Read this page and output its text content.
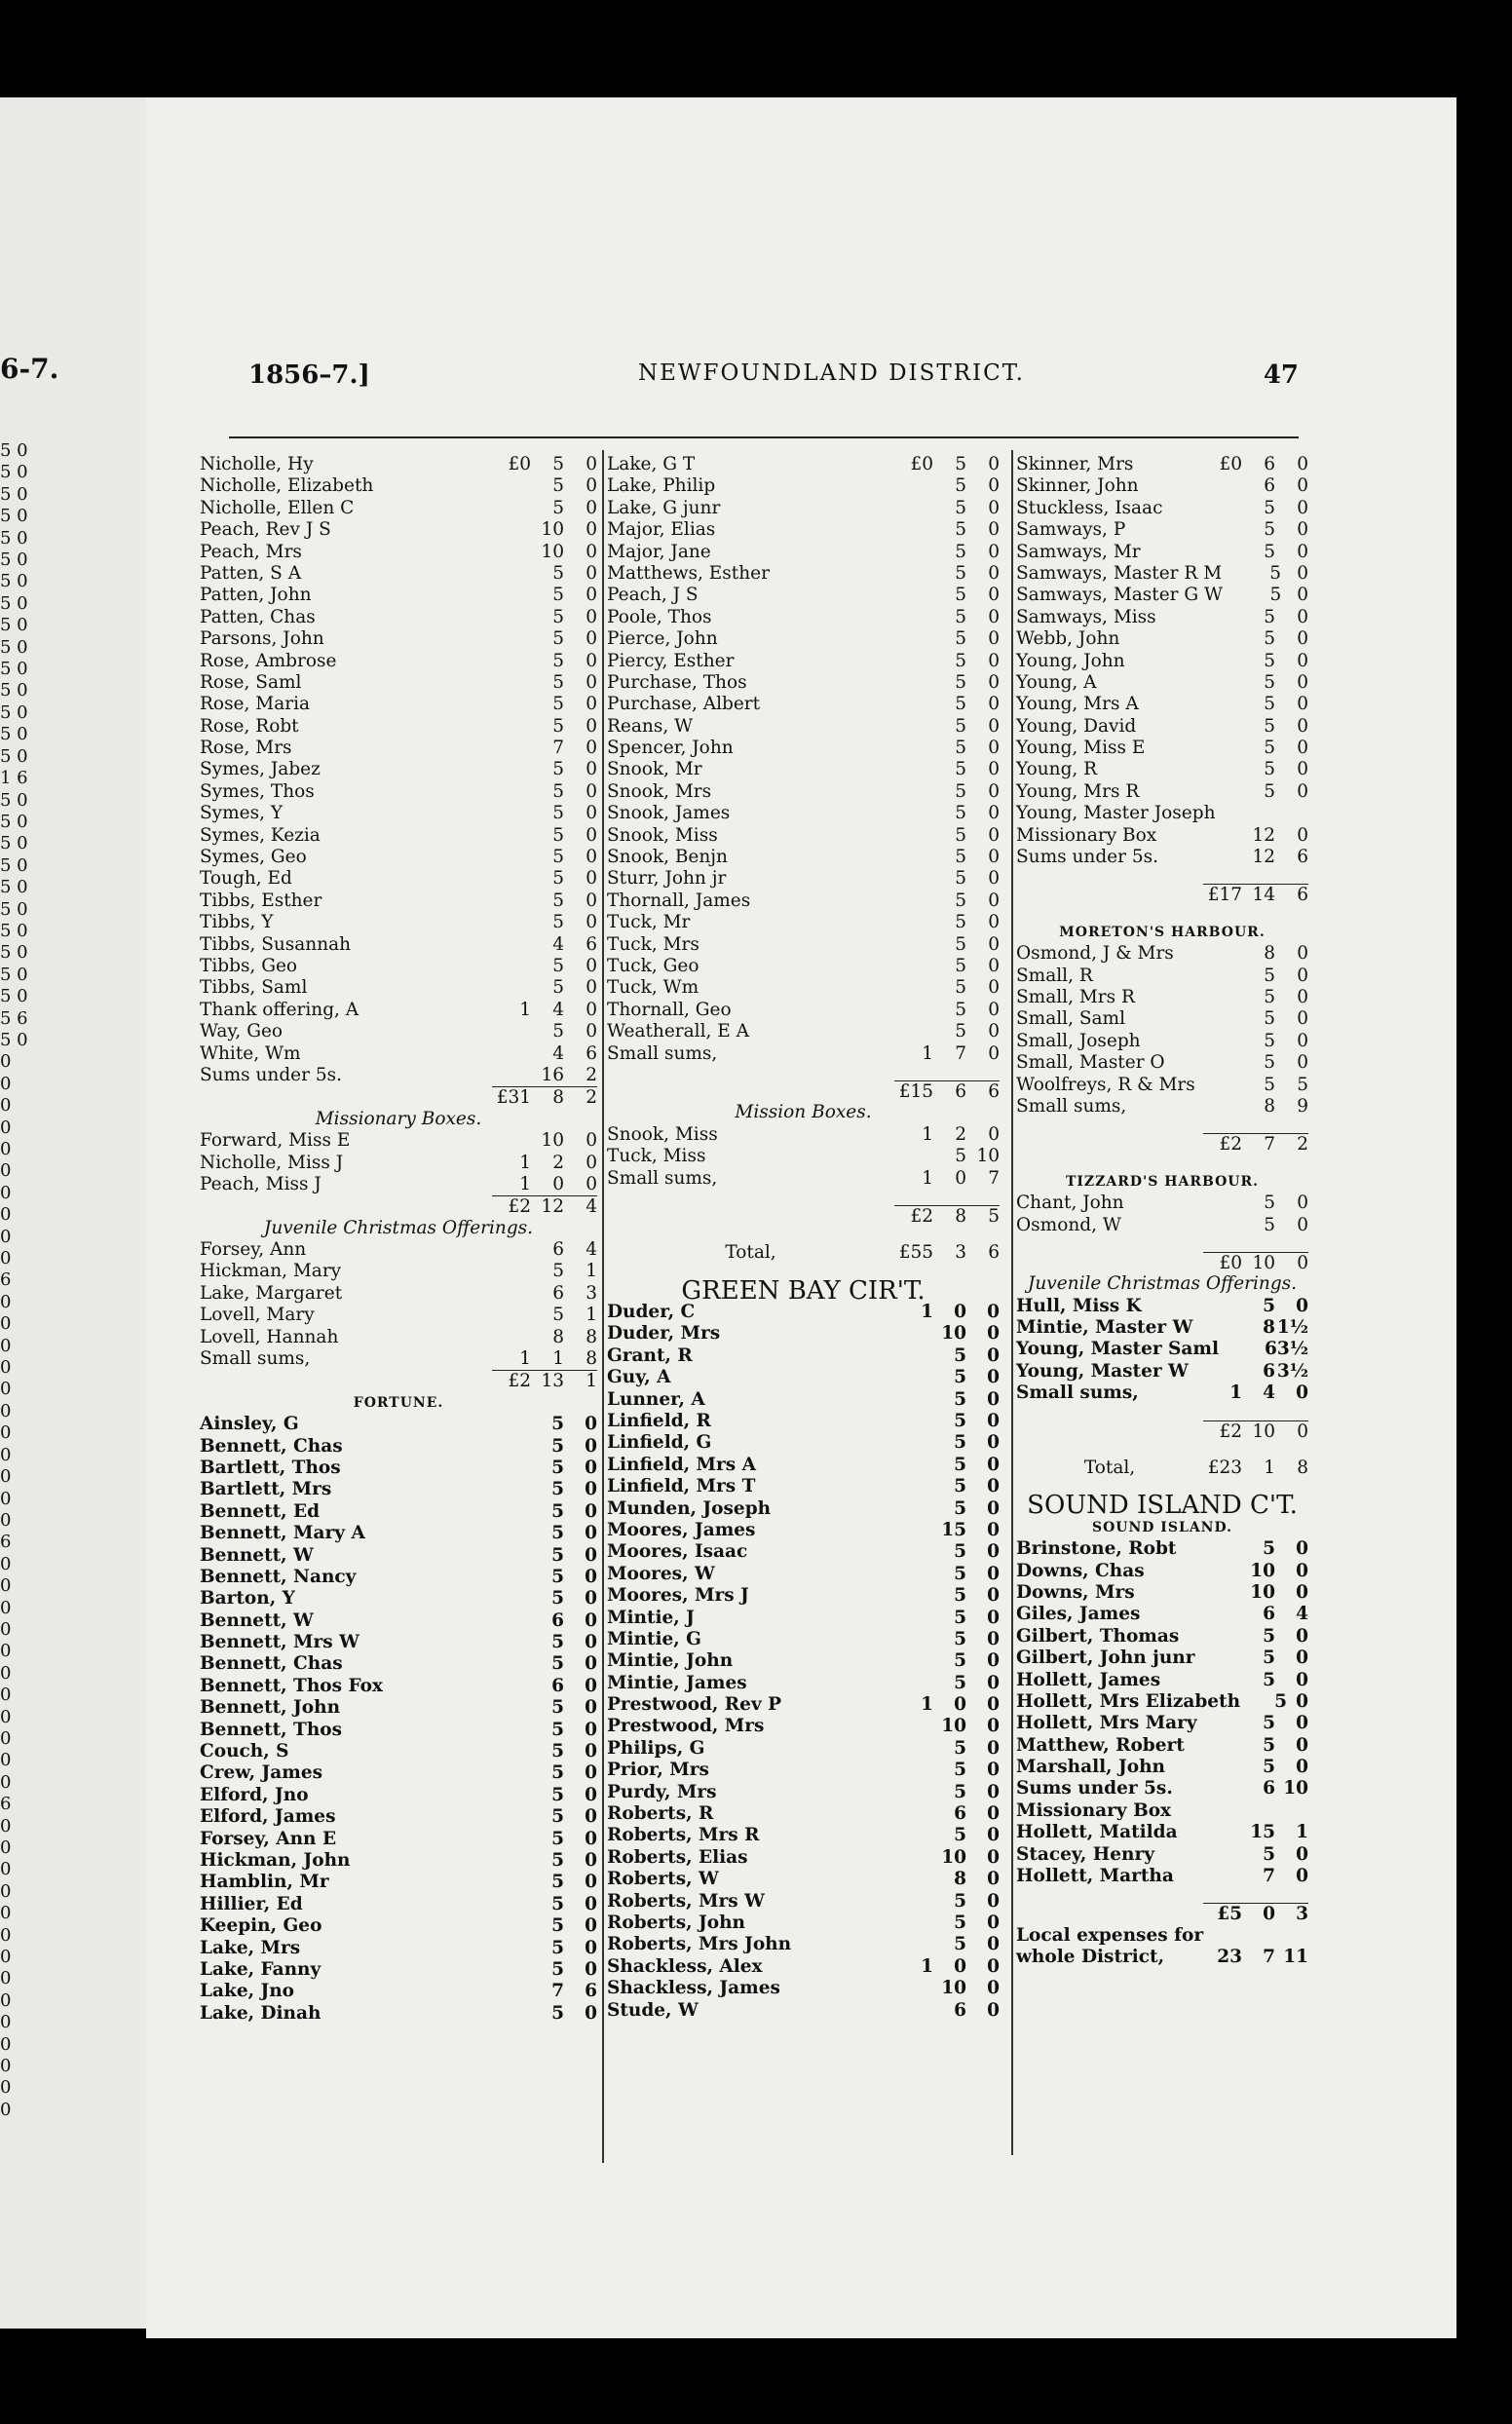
6-7.
5 0
5 0
5 0
5 0
5 0
5 0
5 0
5 0
5 0
5 0
5 0
5 0
5 0
5 0
5 0
1 6
5 0
5 0
5 0
5 0
5 0
5 0
5 0
5 0
5 0
5 0
5 6
5 0
0
0
0
0
0
0
0
0
0
0
6
0
0
0
0
0
0
0
0
0
0
0
6
0
0
0
0
0
0
0
0
0
0
0
6
0
0
0
0
0
0
0
0
0
0
0
0
0
0
1856–7.]	NEWFOUNDLAND DISTRICT.	47
Nicholle, Hy	£0	5	0
Nicholle, Elizabeth	5	0
Nicholle, Ellen C	5	0
Peach, Rev J S	10	0
Peach, Mrs	10	0
Patten, S A	5	0
Patten, John	5	0
Patten, Chas	5	0
Parsons, John	5	0
Rose, Ambrose	5	0
Rose, Saml	5	0
Rose, Maria	5	0
Rose, Robt	5	0
Rose, Mrs	7	0
Symes, Jabez	5	0
Symes, Thos	5	0
Symes, Y	5	0
Symes, Kezia	5	0
Symes, Geo	5	0
Tough, Ed	5	0
Tibbs, Esther	5	0
Tibbs, Y	5	0
Tibbs, Susannah	4	6
Tibbs, Geo	5	0
Tibbs, Saml	5	0
Thank offering, A	1	4	0
Way, Geo	5	0
White, Wm	4	6
Sums under 5s.	16	2
£31	8	2
Missionary Boxes.
Forward, Miss E	10	0
Nicholle, Miss J	1	2	0
Peach, Miss J	1	0	0
£2 12	4
Juvenile Christmas Offerings.
Forsey, Ann	6	4
Hickman, Mary	5	1
Lake, Margaret	6	3
Lovell, Mary	5	1
Lovell, Hannah	8	8
Small sums,	1	1	8
£2 13	1
FORTUNE.
Ainsley, G	5	0
Bennett, Chas	5	0
Bartlett, Thos	5	0
Bartlett, Mrs	5	0
Bennett, Ed	5	0
Bennett, Mary A	5	0
Bennett, W	5	0
Bennett, Nancy	5	0
Barton, Y	5	0
Bennett, W	6	0
Bennett, Mrs W	5	0
Bennett, Chas	5	0
Bennett, Thos Fox	6	0
Bennett, John	5	0
Bennett, Thos	5	0
Couch, S	5	0
Crew, James	5	0
Elford, Jno	5	0
Elford, James	5	0
Forsey, Ann E	5	0
Hickman, John	5	0
Hamblin, Mr	5	0
Hillier, Ed	5	0
Keepin, Geo	5	0
Lake, Mrs	5	0
Lake, Fanny	5	0
Lake, Jno	7	6
Lake, Dinah	5	0
Lake, G T	£0	5	0
Lake, Philip	5	0
Lake, G junr	5	0
Major, Elias	5	0
Major, Jane	5	0
Matthews, Esther	5	0
Peach, J S	5	0
Poole, Thos	5	0
Pierce, John	5	0
Piercy, Esther	5	0
Purchase, Thos	5	0
Purchase, Albert	5	0
Reans, W	5	0
Spencer, John	5	0
Snook, Mr	5	0
Snook, Mrs	5	0
Snook, James	5	0
Snook, Miss	5	0
Snook, Benjn	5	0
Sturr, John jr	5	0
Thornall, James	5	0
Tuck, Mr	5	0
Tuck, Mrs	5	0
Tuck, Geo	5	0
Tuck, Wm	5	0
Thornall, Geo	5	0
Weatherall, E A	5	0
Small sums,	1	7	0
£15	6	6
Mission Boxes.
Snook, Miss	1	2	0
Tuck, Miss	5 10
Small sums,	1	0	7
£2	8	5
Total,	£55	3	6
GREEN BAY CIR'T.
Duder, C	1	0	0
Duder, Mrs	10	0
Grant, R	5	0
Guy, A	5	0
Lunner, A	5	0
Linfield, R	5	0
Linfield, G	5	0
Linfield, Mrs A	5	0
Linfield, Mrs T	5	0
Munden, Joseph	5	0
Moores, James	15	0
Moores, Isaac	5	0
Moores, W	5	0
Moores, Mrs J	5	0
Mintie, J	5	0
Mintie, G	5	0
Mintie, John	5	0
Mintie, James	5	0
Prestwood, Rev P	1	0	0
Prestwood, Mrs	10	0
Philips, G	5	0
Prior, Mrs	5	0
Purdy, Mrs	5	0
Roberts, R	6	0
Roberts, Mrs R	5	0
Roberts, Elias	10	0
Roberts, W	8	0
Roberts, Mrs W	5	0
Roberts, John	5	0
Roberts, Mrs John	5	0
Shackless, Alex	1	0	0
Shackless, James	10	0
Stude, W	6	0
Skinner, Mrs	£0	6	0
Skinner, John	6	0
Stuckless, Isaac	5	0
Samways, P	5	0
Samways, Mr	5	0
Samways, Master R M	5 0
Samways, Master G W	5 0
Samways, Miss	5	0
Webb, John	5	0
Young, John	5	0
Young, A	5	0
Young, Mrs A	5	0
Young, David	5	0
Young, Miss E	5	0
Young, R	5	0
Young, Mrs R	5	0
Young, Master Joseph
Missionary Box	12	0
Sums under 5s.	12	6
£17 14	6
MORETON'S HARBOUR.
Osmond, J & Mrs	8	0
Small, R	5	0
Small, Mrs R	5	0
Small, Saml	5	0
Small, Joseph	5	0
Small, Master O	5	0
Woolfreys, R & Mrs	5	5
Small sums,	8	9
£2	7	2
TIZZARD'S HARBOUR.
Chant, John	5	0
Osmond, W	5	0
£0 10	0
Juvenile Christmas Offerings.
Hull, Miss K	5	0
Mintie, Master W	8 1½
Young, Master Saml	6 3½
Young, Master W	6 3½
Small sums,	1	4	0
£2 10	0
Total,	£23	1	8
SOUND ISLAND C'T.
SOUND ISLAND.
Brinstone, Robt	5	0
Downs, Chas	10	0
Downs, Mrs	10	0
Giles, James	6	4
Gilbert, Thomas	5	0
Gilbert, John junr	5	0
Hollett, James	5	0
Hollett, Mrs Elizabeth	5 0
Hollett, Mrs Mary	5	0
Matthew, Robert	5	0
Marshall, John	5	0
Sums under 5s.	6 10
Missionary Box
Hollett, Matilda	15	1
Stacey, Henry	5	0
Hollett, Martha	7	0
£5	0	3
Local expenses for
whole District,	23	7 11
